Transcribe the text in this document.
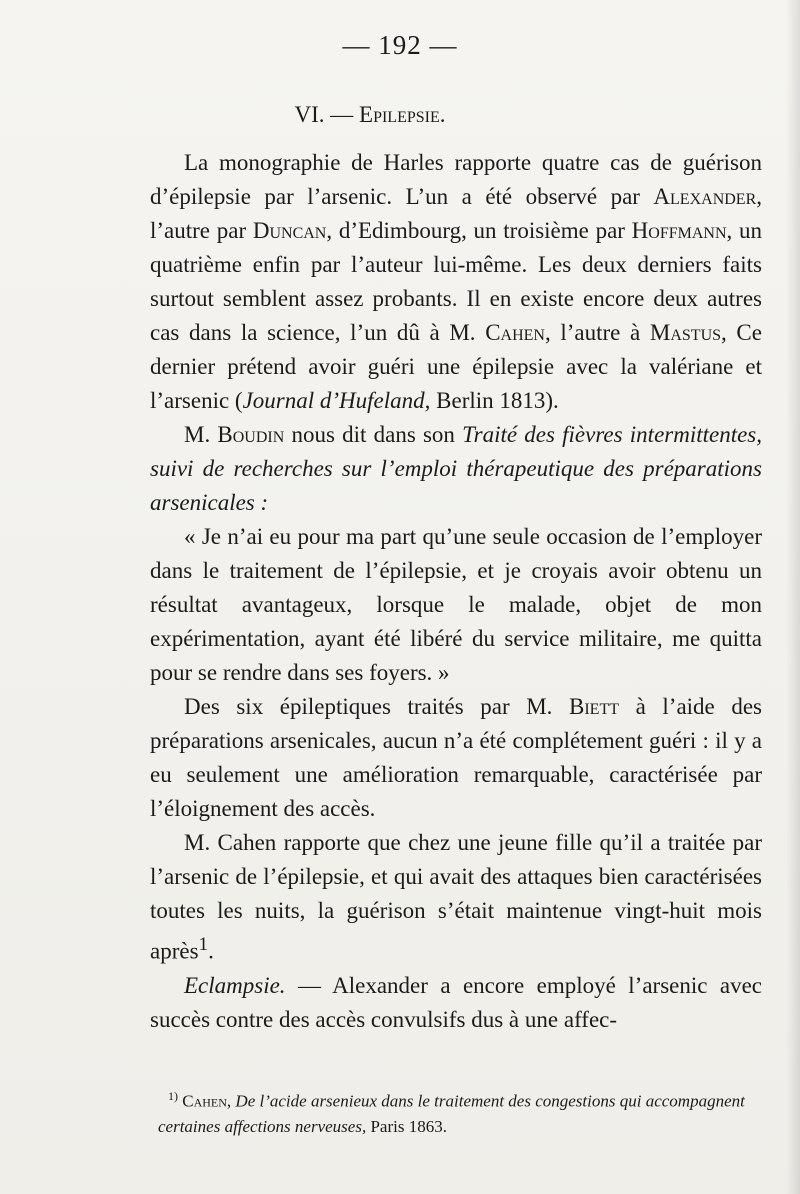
— 192 —
VI. — Epilepsie.

La monographie de Harles rapporte quatre cas de guérison d’épilepsie par l’arsenic. L’un a été observé par Alexander, l’autre par Duncan, d’Edimbourg, un troisième par Hoffmann, un quatrième enfin par l’auteur lui-même. Les deux derniers faits surtout semblent assez probants. Il en existe encore deux autres cas dans la science, l’un dû à M. Cahen, l’autre à Mastus, Ce dernier prétend avoir guéri une épilepsie avec la valériane et l’arsenic (Journal d’Hufeland, Berlin 1813).

M. Boudin nous dit dans son Traité des fièvres intermittentes, suivi de recherches sur l’emploi thérapeutique des préparations arsenicales :

« Je n’ai eu pour ma part qu’une seule occasion de l’employer dans le traitement de l’épilepsie, et je croyais avoir obtenu un résultat avantageux, lorsque le malade, objet de mon expérimentation, ayant été libéré du service militaire, me quitta pour se rendre dans ses foyers. »

Des six épileptiques traités par M. Biett à l’aide des préparations arsenicales, aucun n’a été complétement guéri : il y a eu seulement une amélioration remarquable, caractérisée par l’éloignement des accès.

M. Cahen rapporte que chez une jeune fille qu’il a traitée par l’arsenic de l’épilepsie, et qui avait des attaques bien caractérisées toutes les nuits, la guérison s’était maintenue vingt-huit mois après$^1$.

Eclampsie. — Alexander a encore employé l’arsenic avec succès contre des accès convulsifs dus à une affec-

$^{1)}$ Cahen, De l’acide arsenieux dans le traitement des congestions qui accompagnent certaines affections nerveuses, Paris 1863.
